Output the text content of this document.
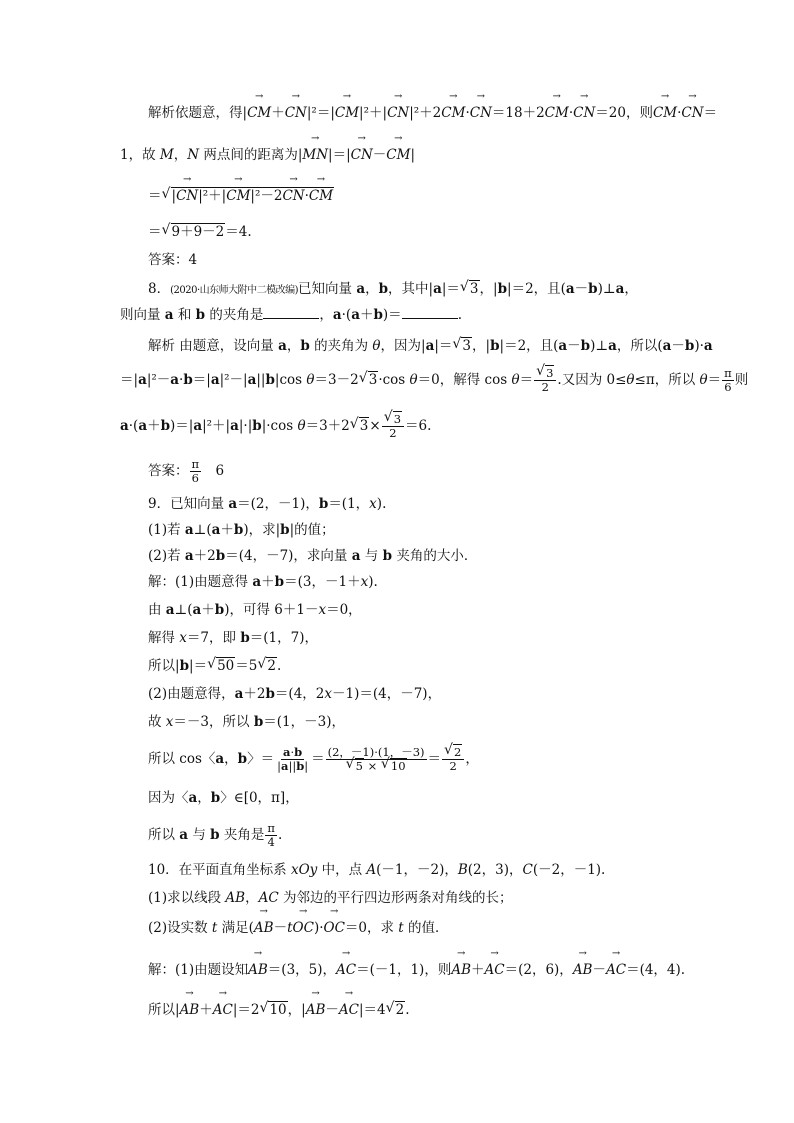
解析依题意，得|→ CM＋→ CN|²＝|→ CM|²＋|→ CN|²＋2→ CM·→ CN＝18＋2→ CM·→ CN＝20，则→ CM·→ CN＝
1，故 M，N 两点间的距离为|→ MN|＝|→ CN－→ CM|
＝ √ |→ CN|²＋|→ CM|²－2→ CN·→ CM
＝ √ 9＋9－2＝4.
答案：4
8．(2020·山东师大附中二模改编)已知向量 a，b，其中|a|＝ √ 3，|b|＝2，且(a－b)⊥a，
则向量 a 和 b 的夹角是	，a·(a＋b)＝	.
解析 由题意，设向量 a，b 的夹角为 θ，因为|a|＝ √ 3，|b|＝2，且(a－b)⊥a，所以(a－b)·a
＝|a|²－a·b＝|a|²－|a||b|cos θ＝3－2 √ 3·cos θ＝0，解得 cos θ＝ √ $\frac{3}{2}$ .又因为 0≤θ≤π，所以 $\theta= \frac{\pi}{6}$ 则
a·(a＋b)＝|a|²＋|a|·|b|·cos θ＝3＋2 √ 3× √ $\frac{3}{2} =6$.
答案： $\frac{\pi}{6}$ 　6
9．已知向量 a＝(2，－1)，b＝(1，x).
(1)若 a⊥(a＋b)，求|b|的值；
(2)若 a＋2b＝(4，－7)，求向量 a 与 b 夹角的大小．
解：(1)由题意得 a＋b＝(3，－1＋x).
由 a⊥(a＋b)，可得 6＋1－x＝0，
解得 x＝7，即 b＝(1，7)，
所以|b|＝ √ 50＝5 √ 2.
(2)由题意得，a＋2b＝(4，2x－1)＝(4，－7)，
故 x＝－3，所以 b＝(1，－3)，
所以 cos〈a，b〉＝ $\frac{a\cdot b}{|a||b|} = (2$，－1)·(1，－3)
√ 5 × √ 10 ＝ √ $\frac{2}{2}$ ，
因为〈a，b〉∈[0，π]，
所以 a 与 b 夹角是 $\frac{\pi}{4}$ .
10．在平面直角坐标系 xOy 中，点 A(－1，－2)，B(2，3)，C(－2，－1).
(1)求以线段 AB，AC 为邻边的平行四边形两条对角线的长；
(2)设实数 t 满足(→ AB－t→ OC)·→ OC＝0，求 t 的值．
解：(1)由题设知→ AB＝(3，5)，→ AC＝(－1，1)，则→ AB＋→ AC＝(2，6)，→ AB－→ AC＝(4，4).
所以|→ AB＋→ AC|＝2 √ 10，|→ AB－→ AC|＝4 √ 2.
